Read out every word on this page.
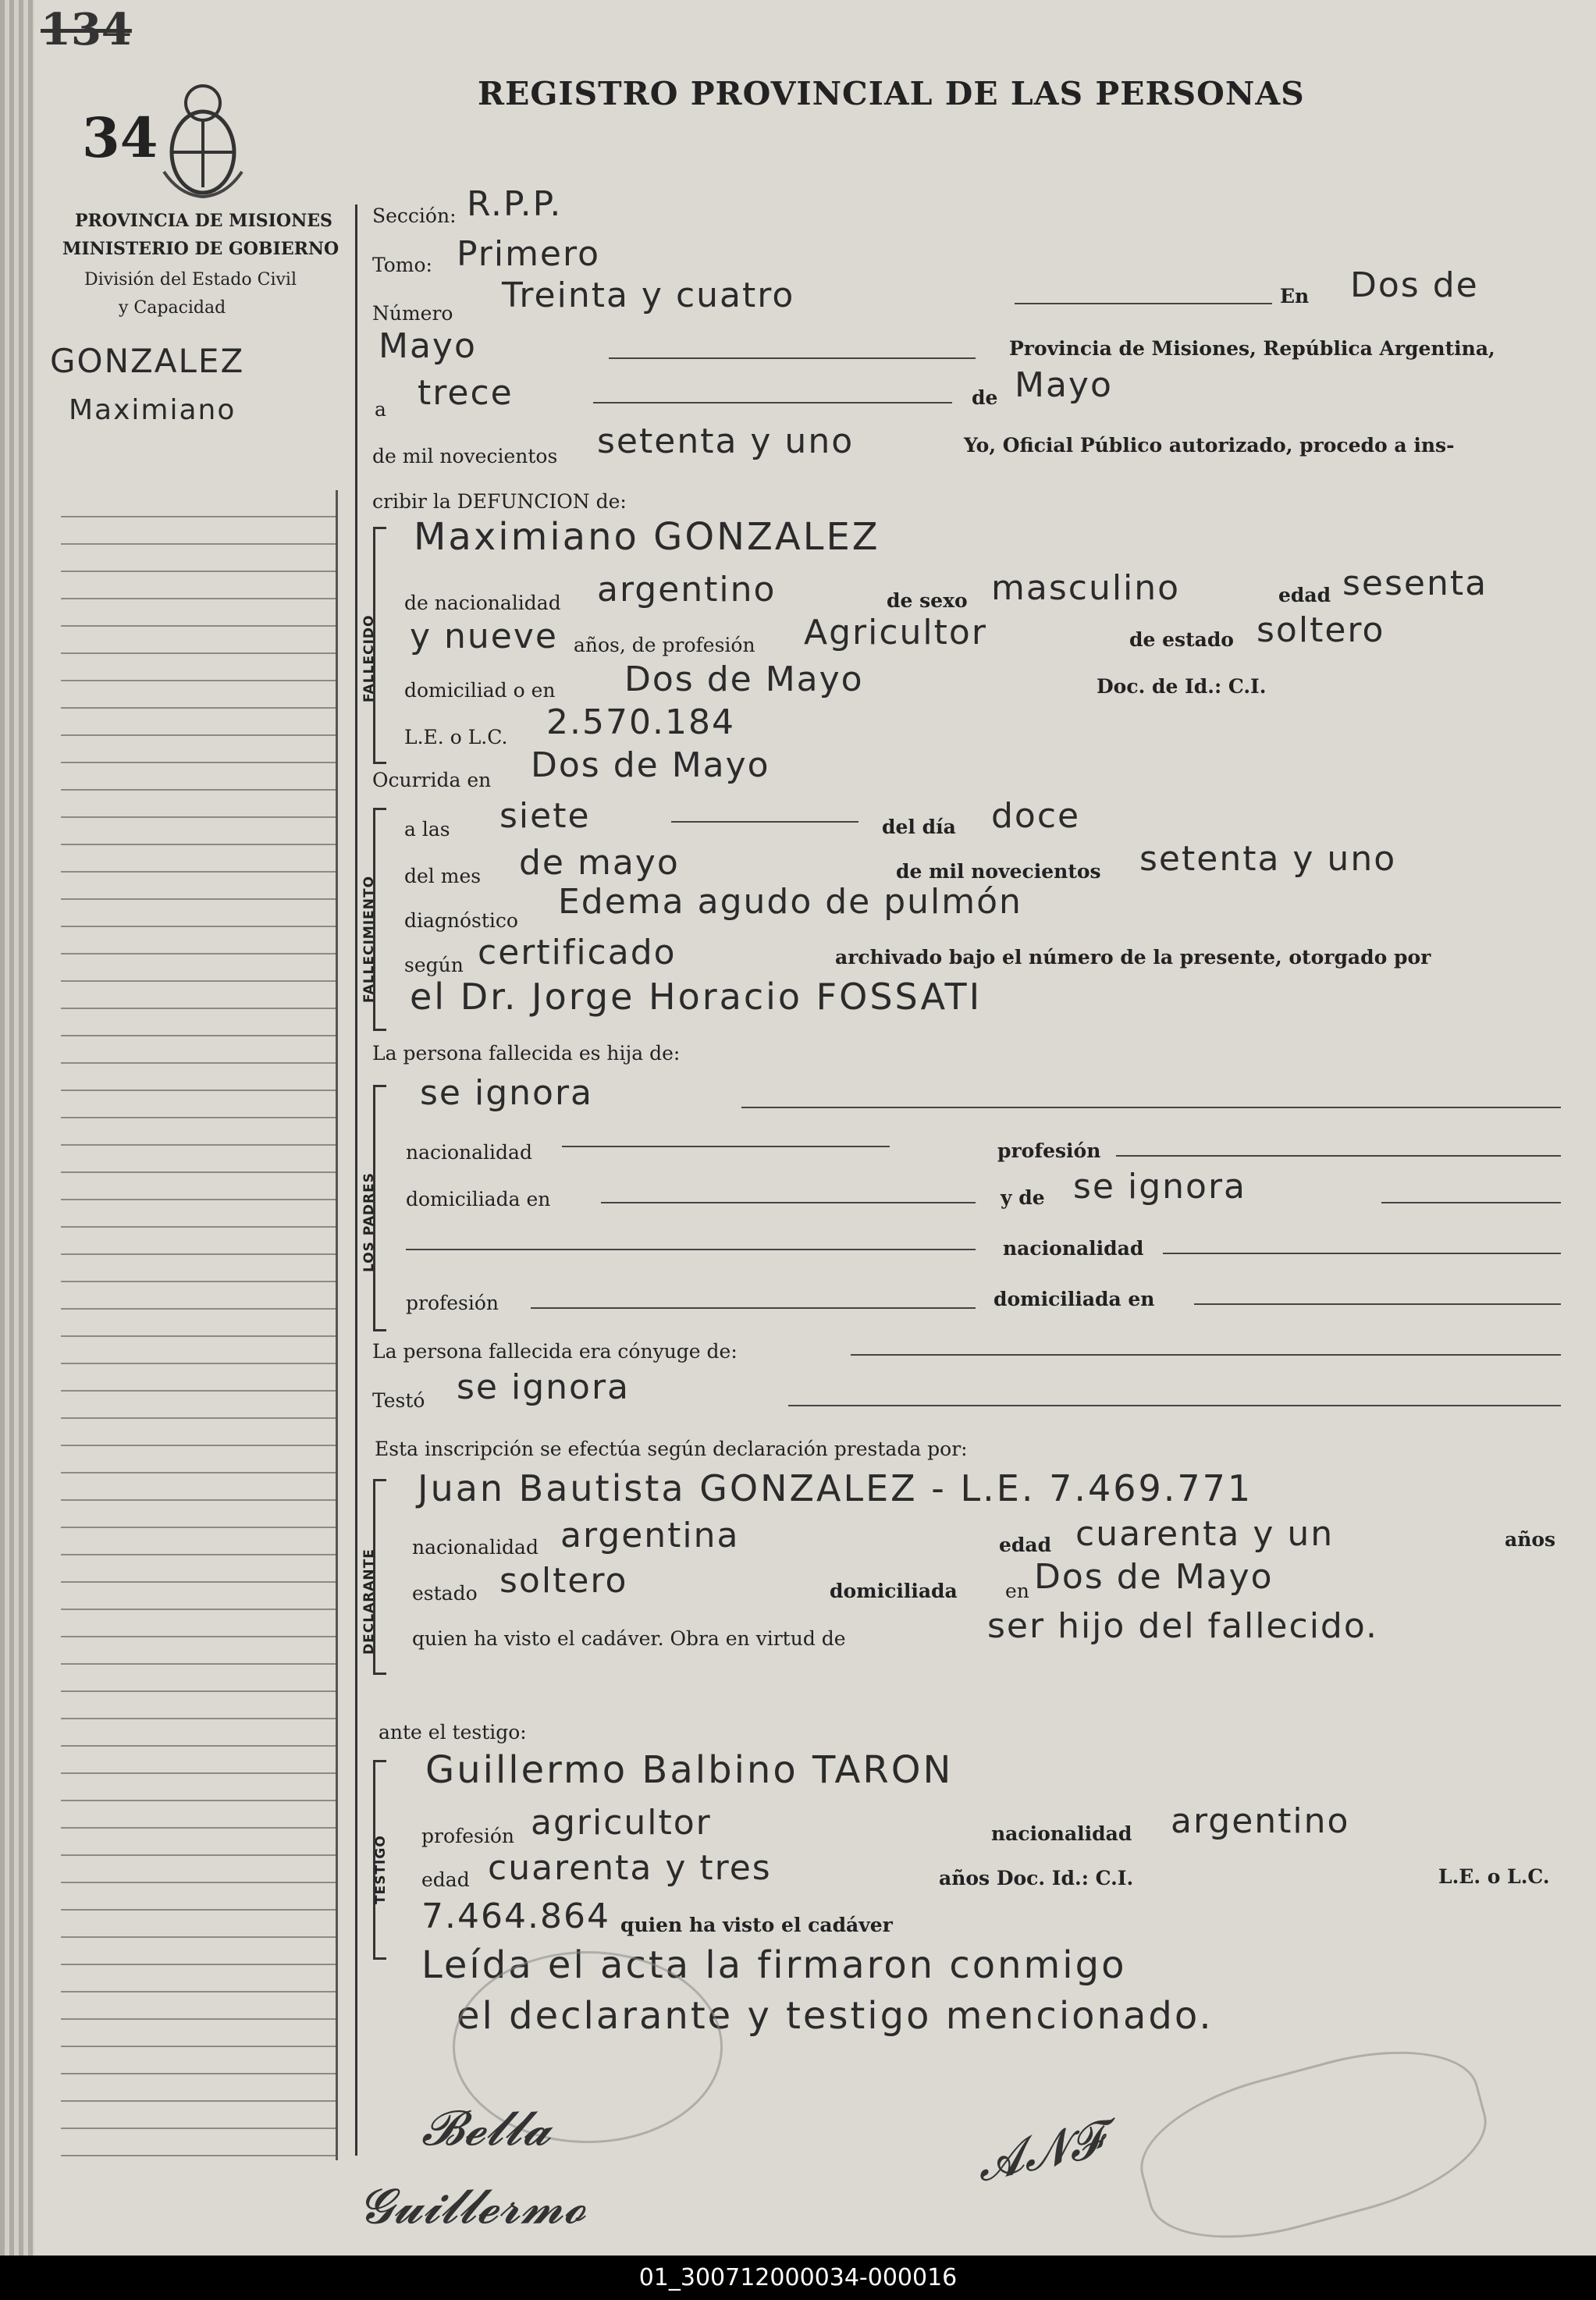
134
34
REGISTRO PROVINCIAL DE LAS PERSONAS
PROVINCIA DE MISIONES
MINISTERIO DE GOBIERNO
División del Estado Civil
y Capacidad
GONZALEZ
Maximiano
Sección: R.P.P.
Tomo: Primero
Número Treinta y cuatro	En Dos de
Mayo	Provincia de Misiones, República Argentina,
a trece	de Mayo
de mil novecientos setenta y uno	Yo, Oficial Público autorizado, procedo a ins-
cribir la DEFUNCION de:
FALLECIDO
Maximiano GONZALEZ
de nacionalidad argentino	de sexo masculino	edad sesenta
y nueve años, de profesión Agricultor	de estado soltero
domiciliad o en Dos de Mayo	Doc. de Id.: C.I.
L.E. o L.C. 2.570.184
Ocurrida en Dos de Mayo
FALLECIMIENTO
a las siete	del día doce
del mes de mayo	de mil novecientos setenta y uno
diagnóstico Edema agudo de pulmón
según certificado	archivado bajo el número de la presente, otorgado por
el Dr. Jorge Horacio FOSSATI
La persona fallecida es hija de:
LOS PADRES
se ignora
nacionalidad	profesión
domiciliada en	y de se ignora
nacionalidad
profesión	domiciliada en
La persona fallecida era cónyuge de:
Testó se ignora
Esta inscripción se efectúa según declaración prestada por:
DECLARANTE
Juan Bautista GONZALEZ - L.E. 7.469.771
nacionalidad argentina	edad cuarenta y un	años
estado soltero	domiciliada en Dos de Mayo
quien ha visto el cadáver. Obra en virtud de	ser hijo del fallecido.
ante el testigo:
TESTIGO
Guillermo Balbino TARON
profesión agricultor	nacionalidad argentino
edad cuarenta y tres	años Doc. Id.: C.I.	L.E. o L.C.
7.464.864 quien ha visto el cadáver
Leída el acta la firmaron conmigo
el declarante y testigo mencionado.
𝓑𝓮𝓵𝓵𝓪
𝓖𝓾𝓲𝓵𝓵𝓮𝓻𝓶𝓸
𝓐𝓝𝓕
01_300712000034-000016
